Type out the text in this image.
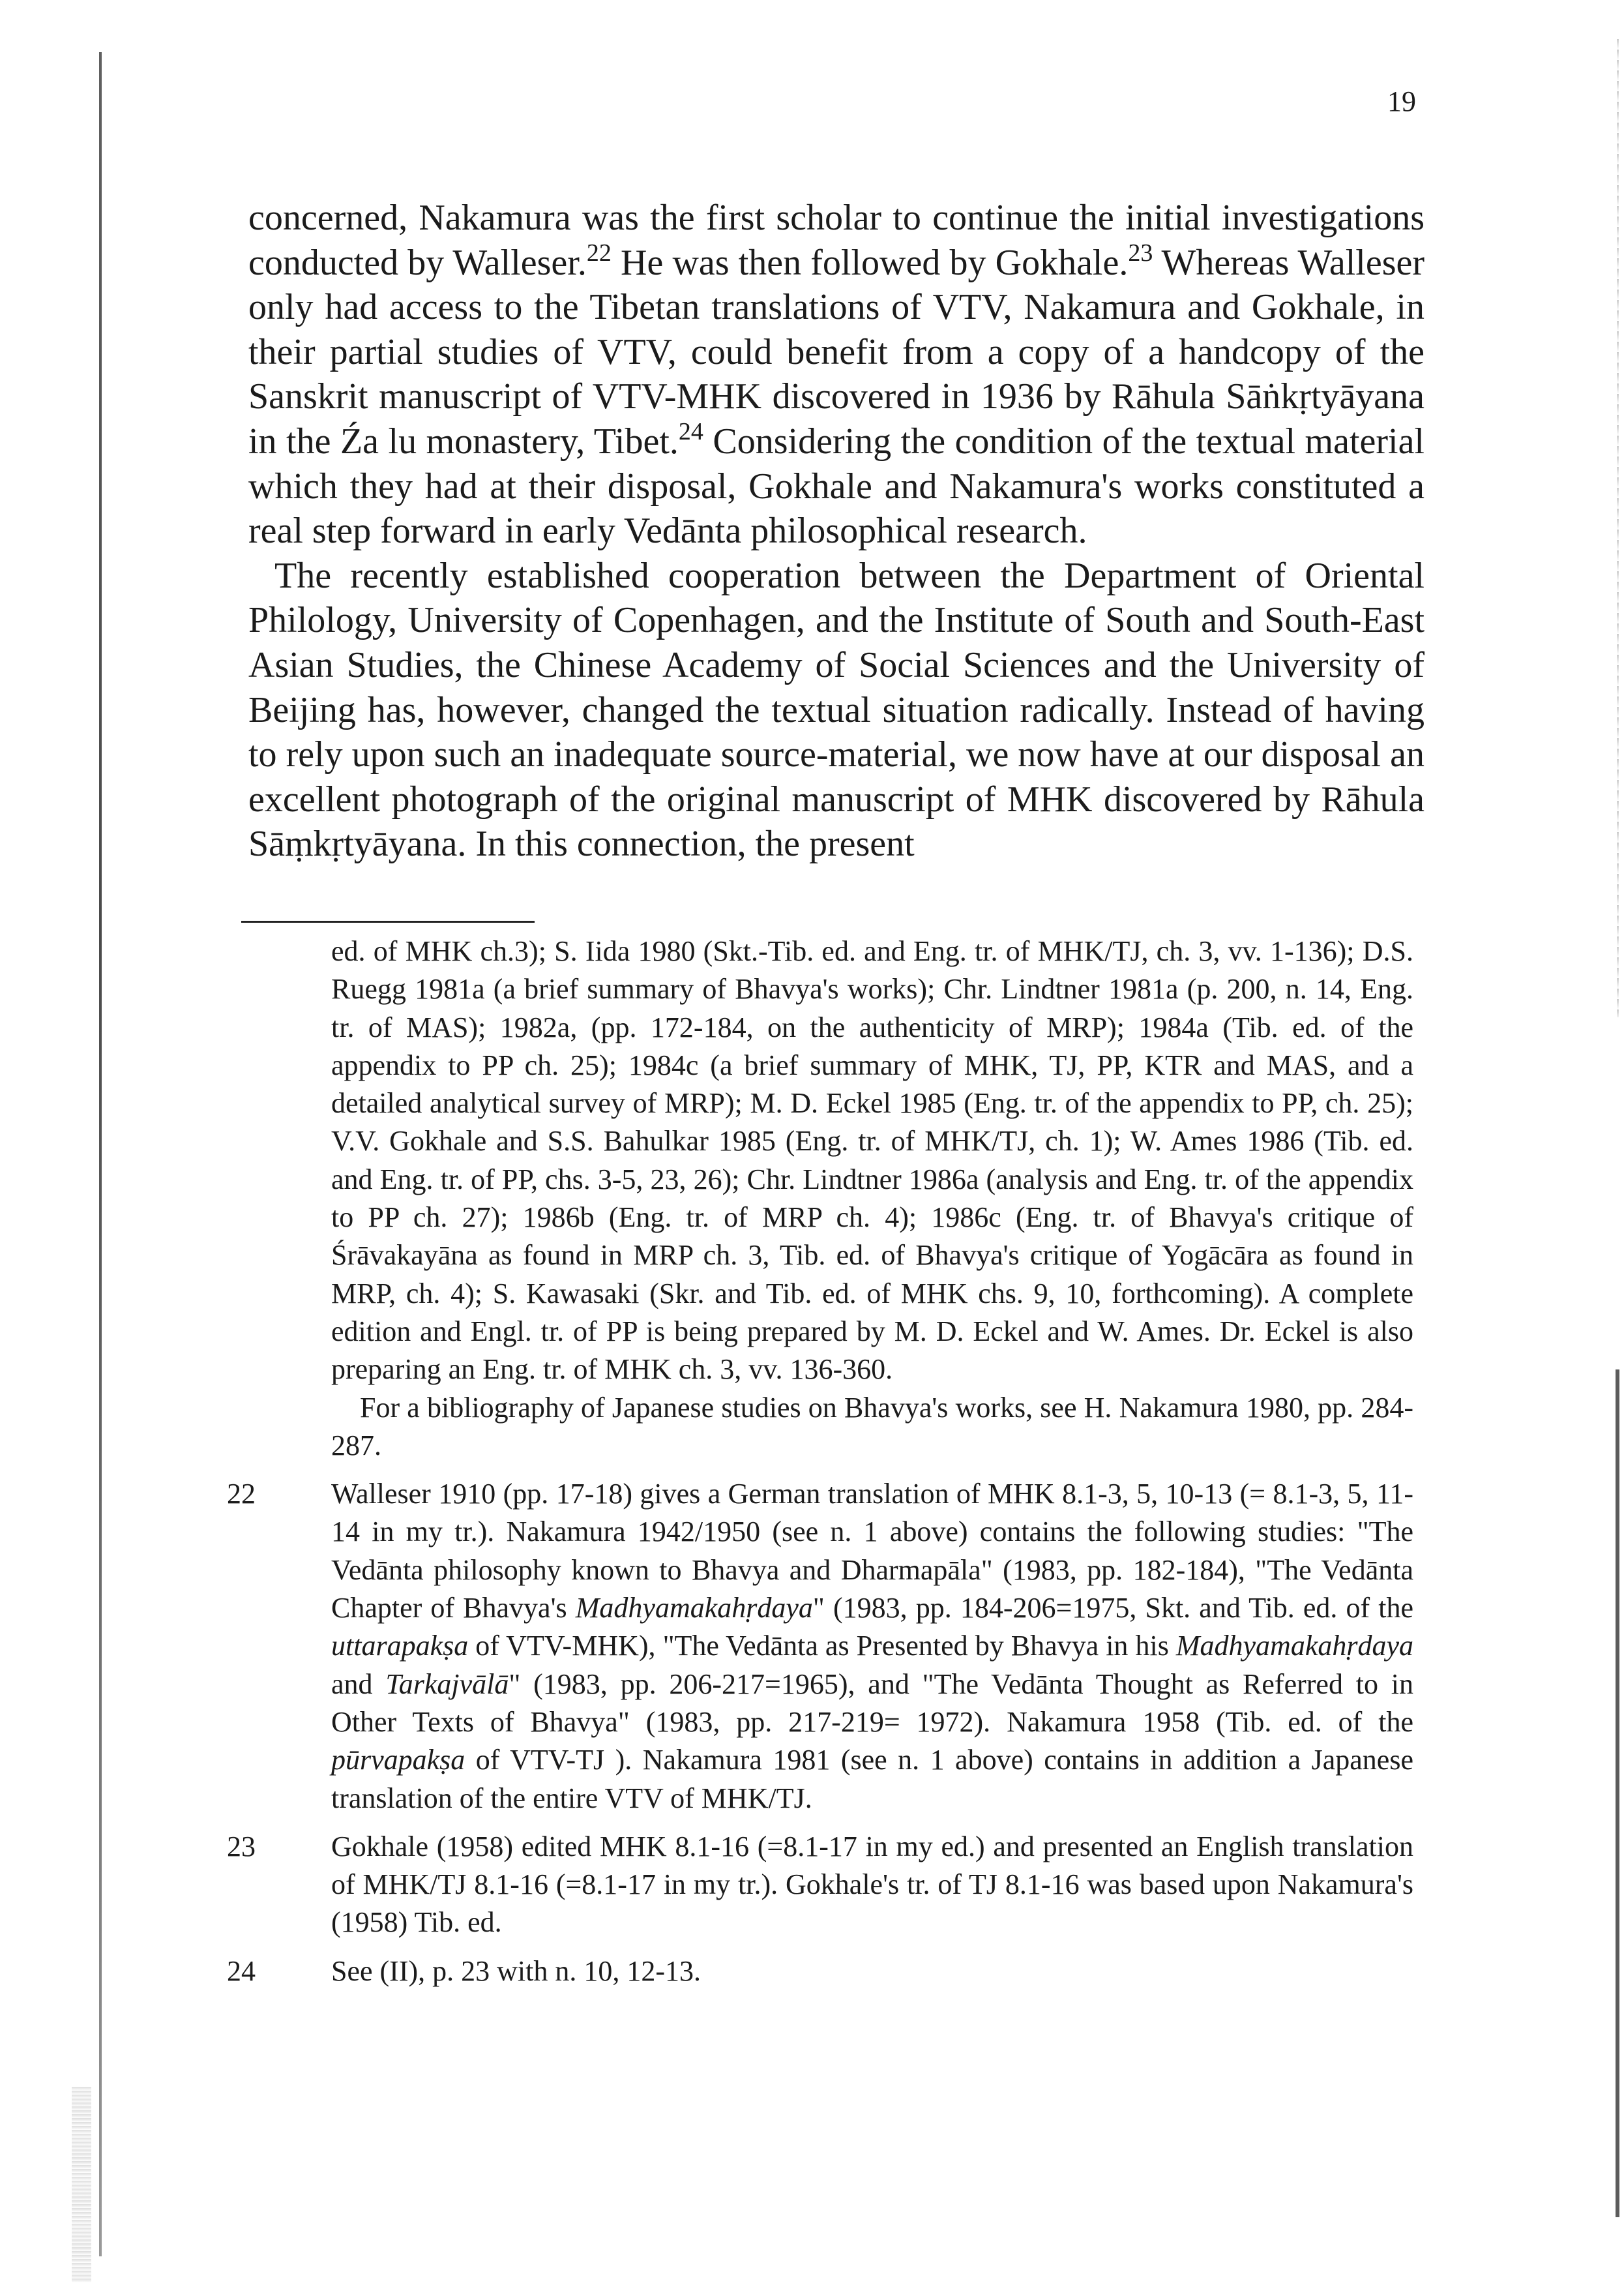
19

concerned, Nakamura was the first scholar to continue the initial investigations conducted by Walleser.$^{22}$ He was then followed by Gokhale.$^{23}$ Whereas Walleser only had access to the Tibetan translations of VTV, Nakamura and Gokhale, in their partial studies of VTV, could benefit from a copy of a handcopy of the Sanskrit manuscript of VTV-MHK discovered in 1936 by Rāhula Sāṅkṛtyāyana in the Źa lu monastery, Tibet.$^{24}$ Considering the condition of the textual material which they had at their disposal, Gokhale and Nakamura's works constituted a real step forward in early Vedānta philosophical research.

The recently established cooperation between the Department of Oriental Philology, University of Copenhagen, and the Institute of South and South-East Asian Studies, the Chinese Academy of Social Sciences and the University of Beijing has, however, changed the textual situation radically. Instead of having to rely upon such an inadequate source-material, we now have at our disposal an excellent photograph of the original manuscript of MHK discovered by Rāhula Sāṃkṛtyāyana. In this connection, the present

ed. of MHK ch.3); S. Iida 1980 (Skt.-Tib. ed. and Eng. tr. of MHK/TJ, ch. 3, vv. 1-136); D.S. Ruegg 1981a (a brief summary of Bhavya's works); Chr. Lindtner 1981a (p. 200, n. 14, Eng. tr. of MAS); 1982a, (pp. 172-184, on the authenticity of MRP); 1984a (Tib. ed. of the appendix to PP ch. 25); 1984c (a brief summary of MHK, TJ, PP, KTR and MAS, and a detailed analytical survey of MRP); M. D. Eckel 1985 (Eng. tr. of the appendix to PP, ch. 25); V.V. Gokhale and S.S. Bahulkar 1985 (Eng. tr. of MHK/TJ, ch. 1); W. Ames 1986 (Tib. ed. and Eng. tr. of PP, chs. 3-5, 23, 26); Chr. Lindtner 1986a (analysis and Eng. tr. of the appendix to PP ch. 27); 1986b (Eng. tr. of MRP ch. 4); 1986c (Eng. tr. of Bhavya's critique of Śrāvakayāna as found in MRP ch. 3, Tib. ed. of Bhavya's critique of Yogācāra as found in MRP, ch. 4); S. Kawasaki (Skr. and Tib. ed. of MHK chs. 9, 10, forthcoming). A complete edition and Engl. tr. of PP is being prepared by M. D. Eckel and W. Ames. Dr. Eckel is also preparing an Eng. tr. of MHK ch. 3, vv. 136-360.

For a bibliography of Japanese studies on Bhavya's works, see H. Nakamura 1980, pp. 284-287.

22	Walleser 1910 (pp. 17-18) gives a German translation of MHK 8.1-3, 5, 10-13 (= 8.1-3, 5, 11-14 in my tr.). Nakamura 1942/1950 (see n. 1 above) contains the following studies: "The Vedānta philosophy known to Bhavya and Dharmapāla" (1983, pp. 182-184), "The Vedānta Chapter of Bhavya's Madhyamakahṛdaya" (1983, pp. 184-206=1975, Skt. and Tib. ed. of the uttarapakṣa of VTV-MHK), "The Vedānta as Presented by Bhavya in his Madhyamakahṛdaya and Tarkajvālā" (1983, pp. 206-217=1965), and "The Vedānta Thought as Referred to in Other Texts of Bhavya" (1983, pp. 217-219= 1972). Nakamura 1958 (Tib. ed. of the pūrvapakṣa of VTV-TJ ). Nakamura 1981 (see n. 1 above) contains in addition a Japanese translation of the entire VTV of MHK/TJ.

23	Gokhale (1958) edited MHK 8.1-16 (=8.1-17 in my ed.) and presented an English translation of MHK/TJ 8.1-16 (=8.1-17 in my tr.). Gokhale's tr. of TJ 8.1-16 was based upon Nakamura's (1958) Tib. ed.

24	See (II), p. 23 with n. 10, 12-13.
